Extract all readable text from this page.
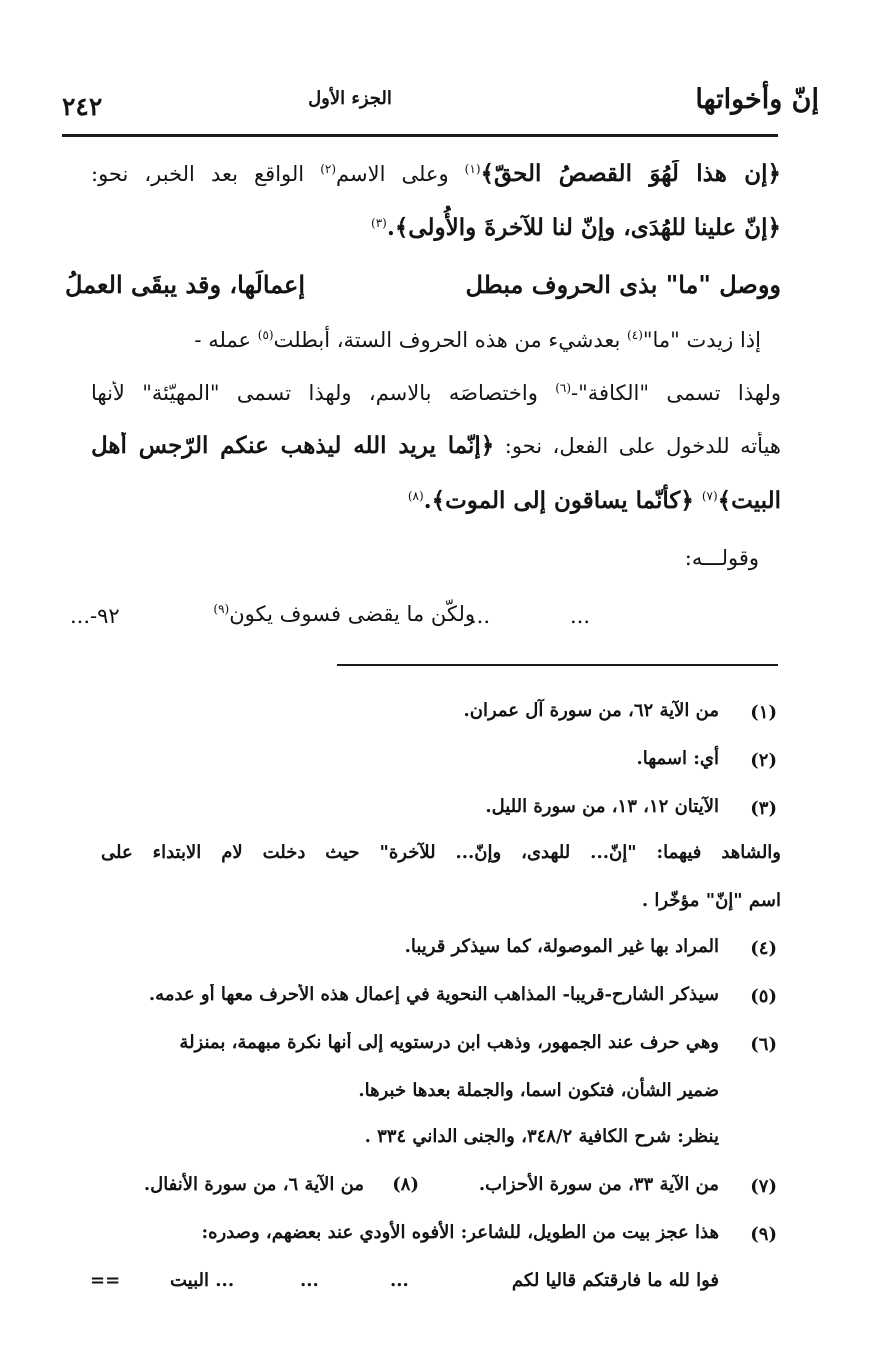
٢٤٢	الجزء الأول	إنّ وأخواتها
﴿إن هذا لَهُوَ القصصُ الحقّ﴾$^{(١)}$ وعلى الاسم$^{(٢)}$ الواقع بعد الخبر، نحو:
﴿إنّ علينا للهُدَى، وإنّ لنا للآخرةَ والأُولى﴾.$^{(٣)}$
ووصل "ما" بذى الحروف مبطل
إعمالَها، وقد يبقَى العملُ
إذا زيدت "ما"$^{(٤)}$ بعدشيء من هذه الحروف الستة، أبطلت$^{(٥)}$ عمله -
ولهذا تسمى "الكافة"-$^{(٦)}$ واختصاصَه بالاسم، ولهذا تسمى "المهيّئة" لأنها
هيأته للدخول على الفعل، نحو: ﴿إنّما يريد الله ليذهب عنكم الرّجس أهل
البيت﴾$^{(٧)}$ ﴿كأنّما يساقون إلى الموت﴾.$^{(٨)}$
وقولـــه:
ولكّن ما يقضى فسوف يكون$^{(٩)}$	...	...
٩٢-...
(١)
من الآية ٦٢، من سورة آل عمران.
(٢)
أي: اسمها.
(٣)
الآيتان ١٢، ١٣، من سورة الليل.
والشاهد فيهما: "إنّ... للهدى، وإنّ... للآخرة" حيث دخلت لام الابتداء على
اسم "إنّ" مؤخّرا .
(٤)
المراد بها غير الموصولة، كما سيذكر قريبا.
(٥)
سيذكر الشارح-قريبا- المذاهب النحوية في إعمال هذه الأحرف معها أو عدمه.
(٦)
وهي حرف عند الجمهور، وذهب ابن درستويه إلى أنها نكرة مبهمة، بمنزلة
ضمير الشأن، فتكون اسما، والجملة بعدها خبرها.
ينظر: شرح الكافية ٣٤٨/٢، والجنى الداني ٣٣٤ .
(٧)
من الآية ٣٣، من سورة الأحزاب.
(٨)
من الآية ٦، من سورة الأنفال.
(٩)
هذا عجز بيت من الطويل، للشاعر: الأفوه الأودي عند بعضهم، وصدره:
فوا لله ما فارقتكم قاليا لكم
...
...
... البيت
==
